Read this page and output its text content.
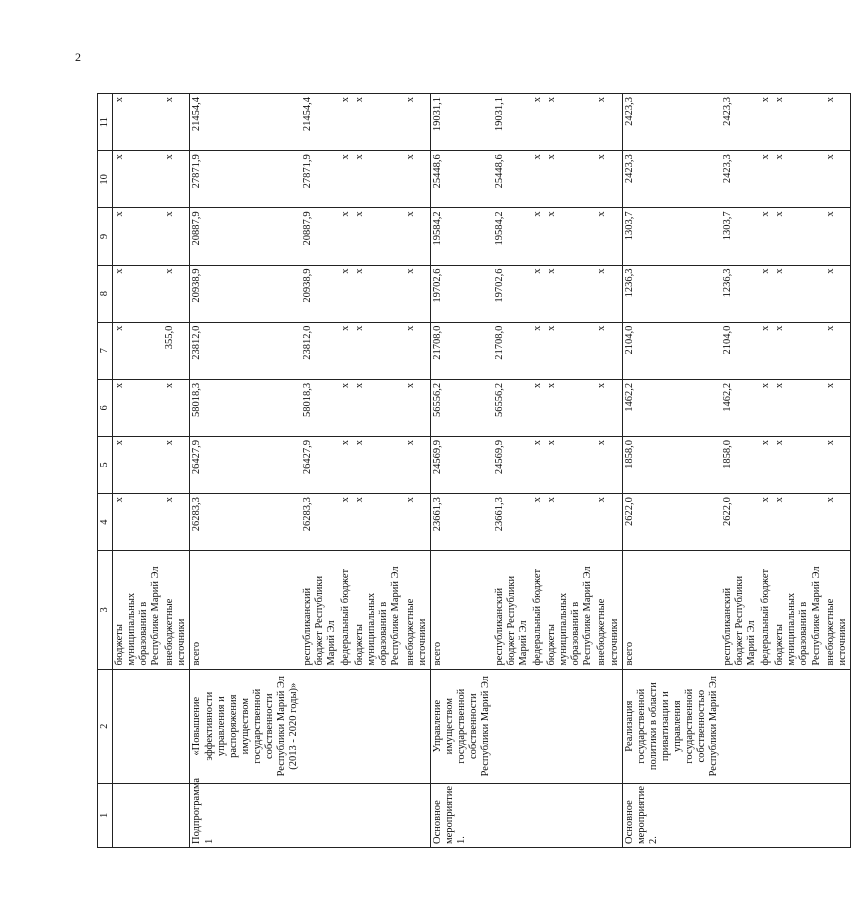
2
1	2	3	4	5	6	7	8	9	10	11
		бюджеты муниципальных образований в Республике Марий Эл	х	х	х	х	х	х	х	х
		внебюджетные источники	х	х	х	355,0	х	х	х	х
Подпрограмма 1	«Повышение эффективности управления и распоряжения имуществом государственной собственности Республики Марий Эл (2013 - 2020 годы)»	всего	26283,3	26427,9	58018,3	23812,0	20938,9	20887,9	27871,9	21454,4
		республиканский бюджет Республики Марий Эл	26283,3	26427,9	58018,3	23812,0	20938,9	20887,9	27871,9	21454,4
		федеральный бюджет	х	х	х	х	х	х	х	х
		бюджеты муниципальных образований в Республике Марий Эл	х	х	х	х	х	х	х	х
		внебюджетные источники	х	х	х	х	х	х	х	х
Основное мероприятие 1.	Управление имуществом государственной собственности Республики Марий Эл	всего	23661,3	24569,9	56556,2	21708,0	19702,6	19584,2	25448,6	19031,1
		республиканский бюджет Республики Марий Эл	23661,3	24569,9	56556,2	21708,0	19702,6	19584,2	25448,6	19031,1
		федеральный бюджет	х	х	х	х	х	х	х	х
		бюджеты муниципальных образований в Республике Марий Эл	х	х	х	х	х	х	х	х
		внебюджетные источники	х	х	х	х	х	х	х	х
Основное мероприятие 2.	Реализация государственной политики в области приватизации и управления государственной собственностью Республики Марий Эл	всего	2622,0	1858,0	1462,2	2104,0	1236,3	1303,7	2423,3	2423,3
		республиканский бюджет Республики Марий Эл	2622,0	1858,0	1462,2	2104,0	1236,3	1303,7	2423,3	2423,3
		федеральный бюджет	х	х	х	х	х	х	х	х
		бюджеты муниципальных образований в Республике Марий Эл	х	х	х	х	х	х	х	х
		внебюджетные источники	х	х	х	х	х	х	х	х
